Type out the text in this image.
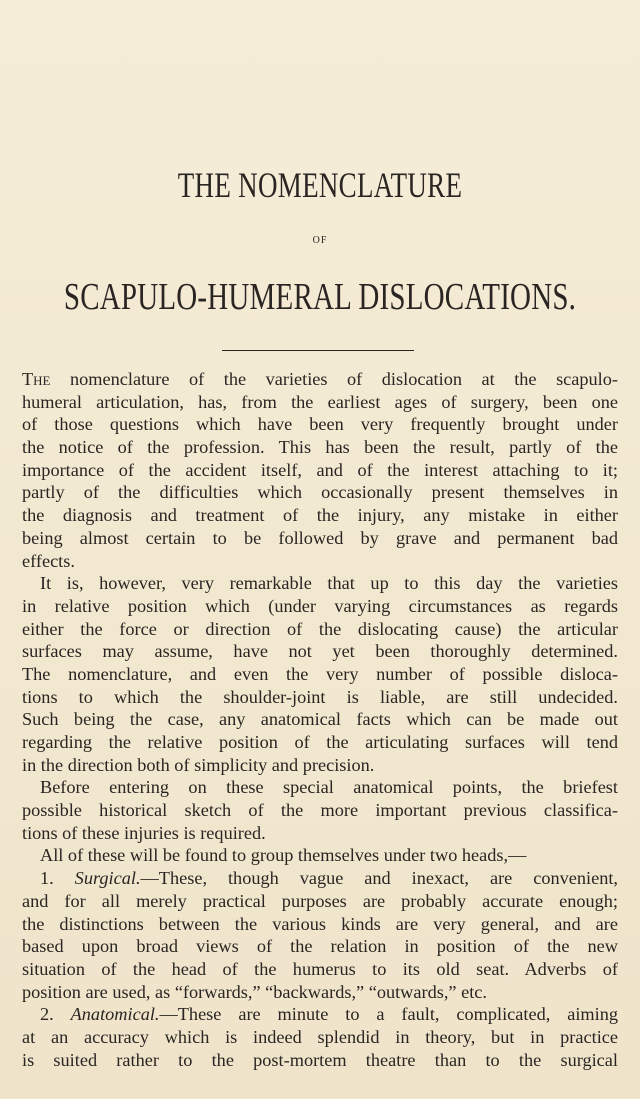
THE NOMENCLATURE
OF
SCAPULO-HUMERAL DISLOCATIONS.
The nomenclature of the varieties of dislocation at the scapulo-
humeral articulation, has, from the earliest ages of surgery, been one
of those questions which have been very frequently brought under
the notice of the profession. This has been the result, partly of the
importance of the accident itself, and of the interest attaching to it;
partly of the difficulties which occasionally present themselves in
the diagnosis and treatment of the injury, any mistake in either
being almost certain to be followed by grave and permanent bad
effects.
It is, however, very remarkable that up to this day the varieties
in relative position which (under varying circumstances as regards
either the force or direction of the dislocating cause) the articular
surfaces may assume, have not yet been thoroughly determined.
The nomenclature, and even the very number of possible disloca-
tions to which the shoulder-joint is liable, are still undecided.
Such being the case, any anatomical facts which can be made out
regarding the relative position of the articulating surfaces will tend
in the direction both of simplicity and precision.
Before entering on these special anatomical points, the briefest
possible historical sketch of the more important previous classifica-
tions of these injuries is required.
All of these will be found to group themselves under two heads,—
1. Surgical.—These, though vague and inexact, are convenient,
and for all merely practical purposes are probably accurate enough;
the distinctions between the various kinds are very general, and are
based upon broad views of the relation in position of the new
situation of the head of the humerus to its old seat. Adverbs of
position are used, as “forwards,” “backwards,” “outwards,” etc.
2. Anatomical.—These are minute to a fault, complicated, aiming
at an accuracy which is indeed splendid in theory, but in practice
is suited rather to the post-mortem theatre than to the surgical
